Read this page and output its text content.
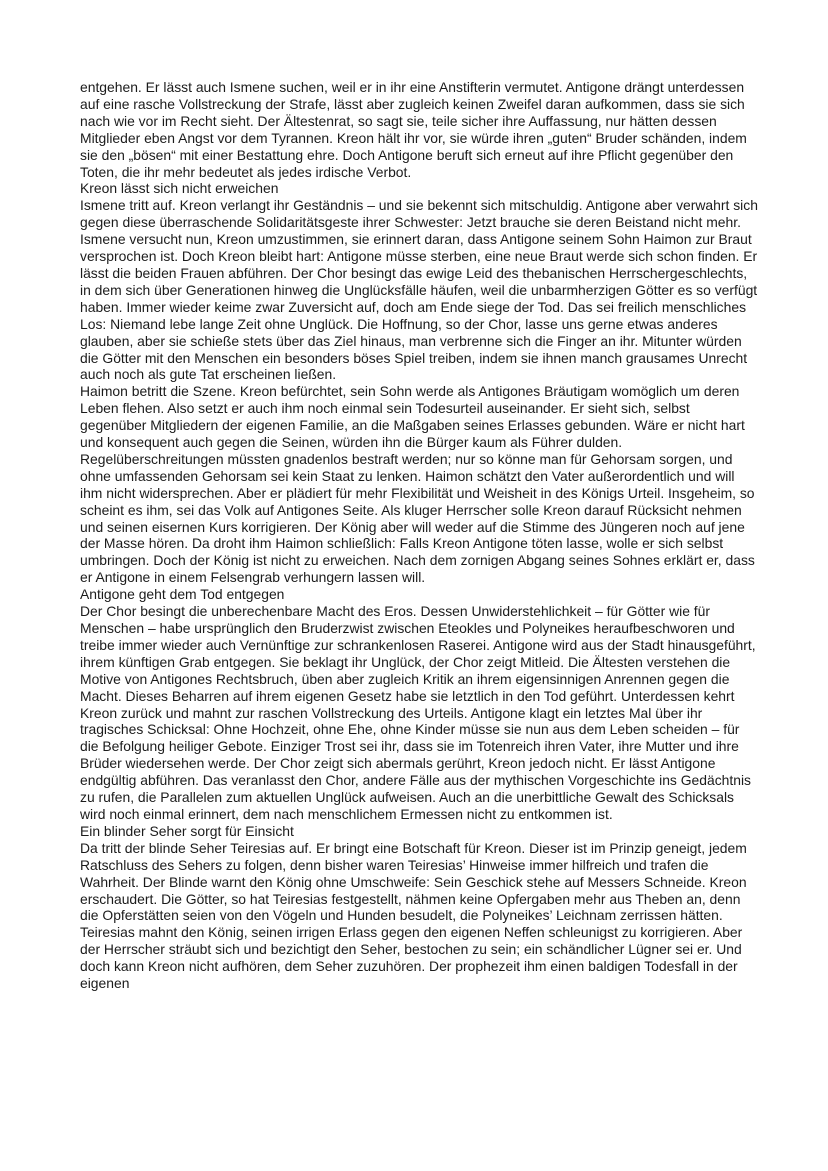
entgehen. Er lässt auch Ismene suchen, weil er in ihr eine Anstifterin vermutet. Antigone drängt unterdessen auf eine rasche Vollstreckung der Strafe, lässt aber zugleich keinen Zweifel daran aufkommen, dass sie sich nach wie vor im Recht sieht. Der Ältestenrat, so sagt sie, teile sicher ihre Auffassung, nur hätten dessen Mitglieder eben Angst vor dem Tyrannen. Kreon hält ihr vor, sie würde ihren „guten“ Bruder schänden, indem sie den „bösen“ mit einer Bestattung ehre. Doch Antigone beruft sich erneut auf ihre Pflicht gegenüber den Toten, die ihr mehr bedeutet als jedes irdische Verbot.

Kreon lässt sich nicht erweichen

Ismene tritt auf. Kreon verlangt ihr Geständnis – und sie bekennt sich mitschuldig. Antigone aber verwahrt sich gegen diese überraschende Solidaritätsgeste ihrer Schwester: Jetzt brauche sie deren Beistand nicht mehr. Ismene versucht nun, Kreon umzustimmen, sie erinnert daran, dass Antigone seinem Sohn Haimon zur Braut versprochen ist. Doch Kreon bleibt hart: Antigone müsse sterben, eine neue Braut werde sich schon finden. Er lässt die beiden Frauen abführen. Der Chor besingt das ewige Leid des thebanischen Herrschergeschlechts, in dem sich über Generationen hinweg die Unglücksfälle häufen, weil die unbarmherzigen Götter es so verfügt haben. Immer wieder keime zwar Zuversicht auf, doch am Ende siege der Tod. Das sei freilich menschliches Los: Niemand lebe lange Zeit ohne Unglück. Die Hoffnung, so der Chor, lasse uns gerne etwas anderes glauben, aber sie schieße stets über das Ziel hinaus, man verbrenne sich die Finger an ihr. Mitunter würden die Götter mit den Menschen ein besonders böses Spiel treiben, indem sie ihnen manch grausames Unrecht auch noch als gute Tat erscheinen ließen.

Haimon betritt die Szene. Kreon befürchtet, sein Sohn werde als Antigones Bräutigam womöglich um deren Leben flehen. Also setzt er auch ihm noch einmal sein Todesurteil auseinander. Er sieht sich, selbst gegenüber Mitgliedern der eigenen Familie, an die Maßgaben seines Erlasses gebunden. Wäre er nicht hart und konsequent auch gegen die Seinen, würden ihn die Bürger kaum als Führer dulden. Regelüberschreitungen müssten gnadenlos bestraft werden; nur so könne man für Gehorsam sorgen, und ohne umfassenden Gehorsam sei kein Staat zu lenken. Haimon schätzt den Vater außerordentlich und will ihm nicht widersprechen. Aber er plädiert für mehr Flexibilität und Weisheit in des Königs Urteil. Insgeheim, so scheint es ihm, sei das Volk auf Antigones Seite. Als kluger Herrscher solle Kreon darauf Rücksicht nehmen und seinen eisernen Kurs korrigieren. Der König aber will weder auf die Stimme des Jüngeren noch auf jene der Masse hören. Da droht ihm Haimon schließlich: Falls Kreon Antigone töten lasse, wolle er sich selbst umbringen. Doch der König ist nicht zu erweichen. Nach dem zornigen Abgang seines Sohnes erklärt er, dass er Antigone in einem Felsengrab verhungern lassen will.

Antigone geht dem Tod entgegen

Der Chor besingt die unberechenbare Macht des Eros. Dessen Unwiderstehlichkeit – für Götter wie für Menschen – habe ursprünglich den Bruderzwist zwischen Eteokles und Polyneikes heraufbeschworen und treibe immer wieder auch Vernünftige zur schrankenlosen Raserei. Antigone wird aus der Stadt hinausgeführt, ihrem künftigen Grab entgegen. Sie beklagt ihr Unglück, der Chor zeigt Mitleid. Die Ältesten verstehen die Motive von Antigones Rechtsbruch, üben aber zugleich Kritik an ihrem eigensinnigen Anrennen gegen die Macht. Dieses Beharren auf ihrem eigenen Gesetz habe sie letztlich in den Tod geführt. Unterdessen kehrt Kreon zurück und mahnt zur raschen Vollstreckung des Urteils. Antigone klagt ein letztes Mal über ihr tragisches Schicksal: Ohne Hochzeit, ohne Ehe, ohne Kinder müsse sie nun aus dem Leben scheiden – für die Befolgung heiliger Gebote. Einziger Trost sei ihr, dass sie im Totenreich ihren Vater, ihre Mutter und ihre Brüder wiedersehen werde. Der Chor zeigt sich abermals gerührt, Kreon jedoch nicht. Er lässt Antigone endgültig abführen. Das veranlasst den Chor, andere Fälle aus der mythischen Vorgeschichte ins Gedächtnis zu rufen, die Parallelen zum aktuellen Unglück aufweisen. Auch an die unerbittliche Gewalt des Schicksals wird noch einmal erinnert, dem nach menschlichem Ermessen nicht zu entkommen ist.

Ein blinder Seher sorgt für Einsicht

Da tritt der blinde Seher Teiresias auf. Er bringt eine Botschaft für Kreon. Dieser ist im Prinzip geneigt, jedem Ratschluss des Sehers zu folgen, denn bisher waren Teiresias’ Hinweise immer hilfreich und trafen die Wahrheit. Der Blinde warnt den König ohne Umschweife: Sein Geschick stehe auf Messers Schneide. Kreon erschaudert. Die Götter, so hat Teiresias festgestellt, nähmen keine Opfergaben mehr aus Theben an, denn die Opferstätten seien von den Vögeln und Hunden besudelt, die Polyneikes’ Leichnam zerrissen hätten. Teiresias mahnt den König, seinen irrigen Erlass gegen den eigenen Neffen schleunigst zu korrigieren. Aber der Herrscher sträubt sich und bezichtigt den Seher, bestochen zu sein; ein schändlicher Lügner sei er. Und doch kann Kreon nicht aufhören, dem Seher zuzuhören. Der prophezeit ihm einen baldigen Todesfall in der eigenen
